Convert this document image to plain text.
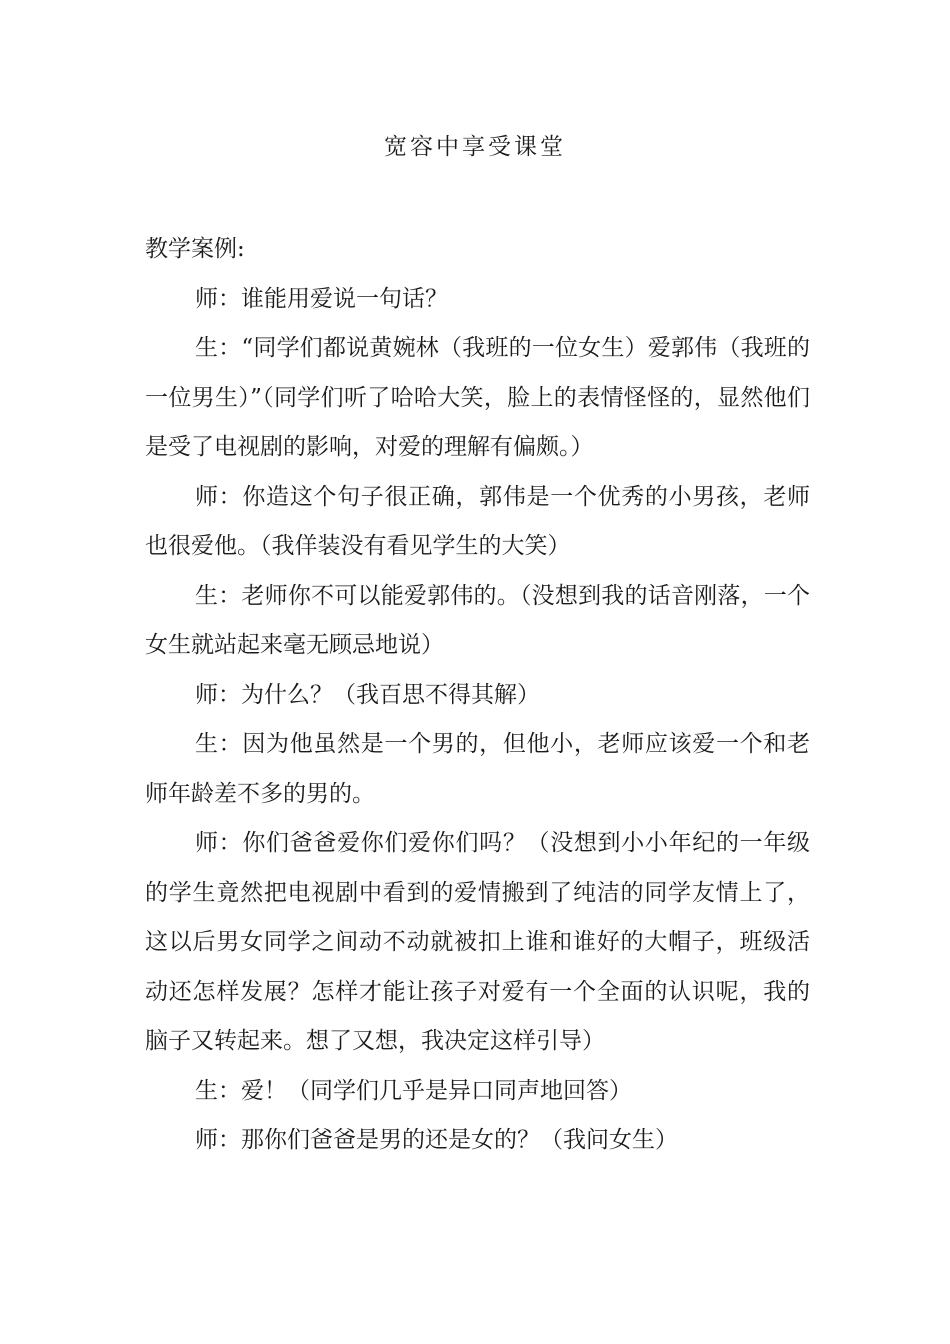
宽容中享受课堂

教学案例:

师：谁能用爱说一句话？

生：“同学们都说黄婉林（我班的一位女生）爱郭伟（我班的一位男生）”（同学们听了哈哈大笑，脸上的表情怪怪的，显然他们是受了电视剧的影响，对爱的理解有偏颇。）

师：你造这个句子很正确，郭伟是一个优秀的小男孩，老师也很爱他。（我佯装没有看见学生的大笑）

生：老师你不可以能爱郭伟的。（没想到我的话音刚落，一个女生就站起来毫无顾忌地说）

师：为什么？（我百思不得其解）

生：因为他虽然是一个男的，但他小，老师应该爱一个和老师年龄差不多的男的。

师：你们爸爸爱你们爱你们吗？（没想到小小年纪的一年级的学生竟然把电视剧中看到的爱情搬到了纯洁的同学友情上了，这以后男女同学之间动不动就被扣上谁和谁好的大帽子，班级活动还怎样发展？怎样才能让孩子对爱有一个全面的认识呢，我的脑子又转起来。想了又想，我决定这样引导）

生：爱！（同学们几乎是异口同声地回答）

师：那你们爸爸是男的还是女的？（我问女生）
